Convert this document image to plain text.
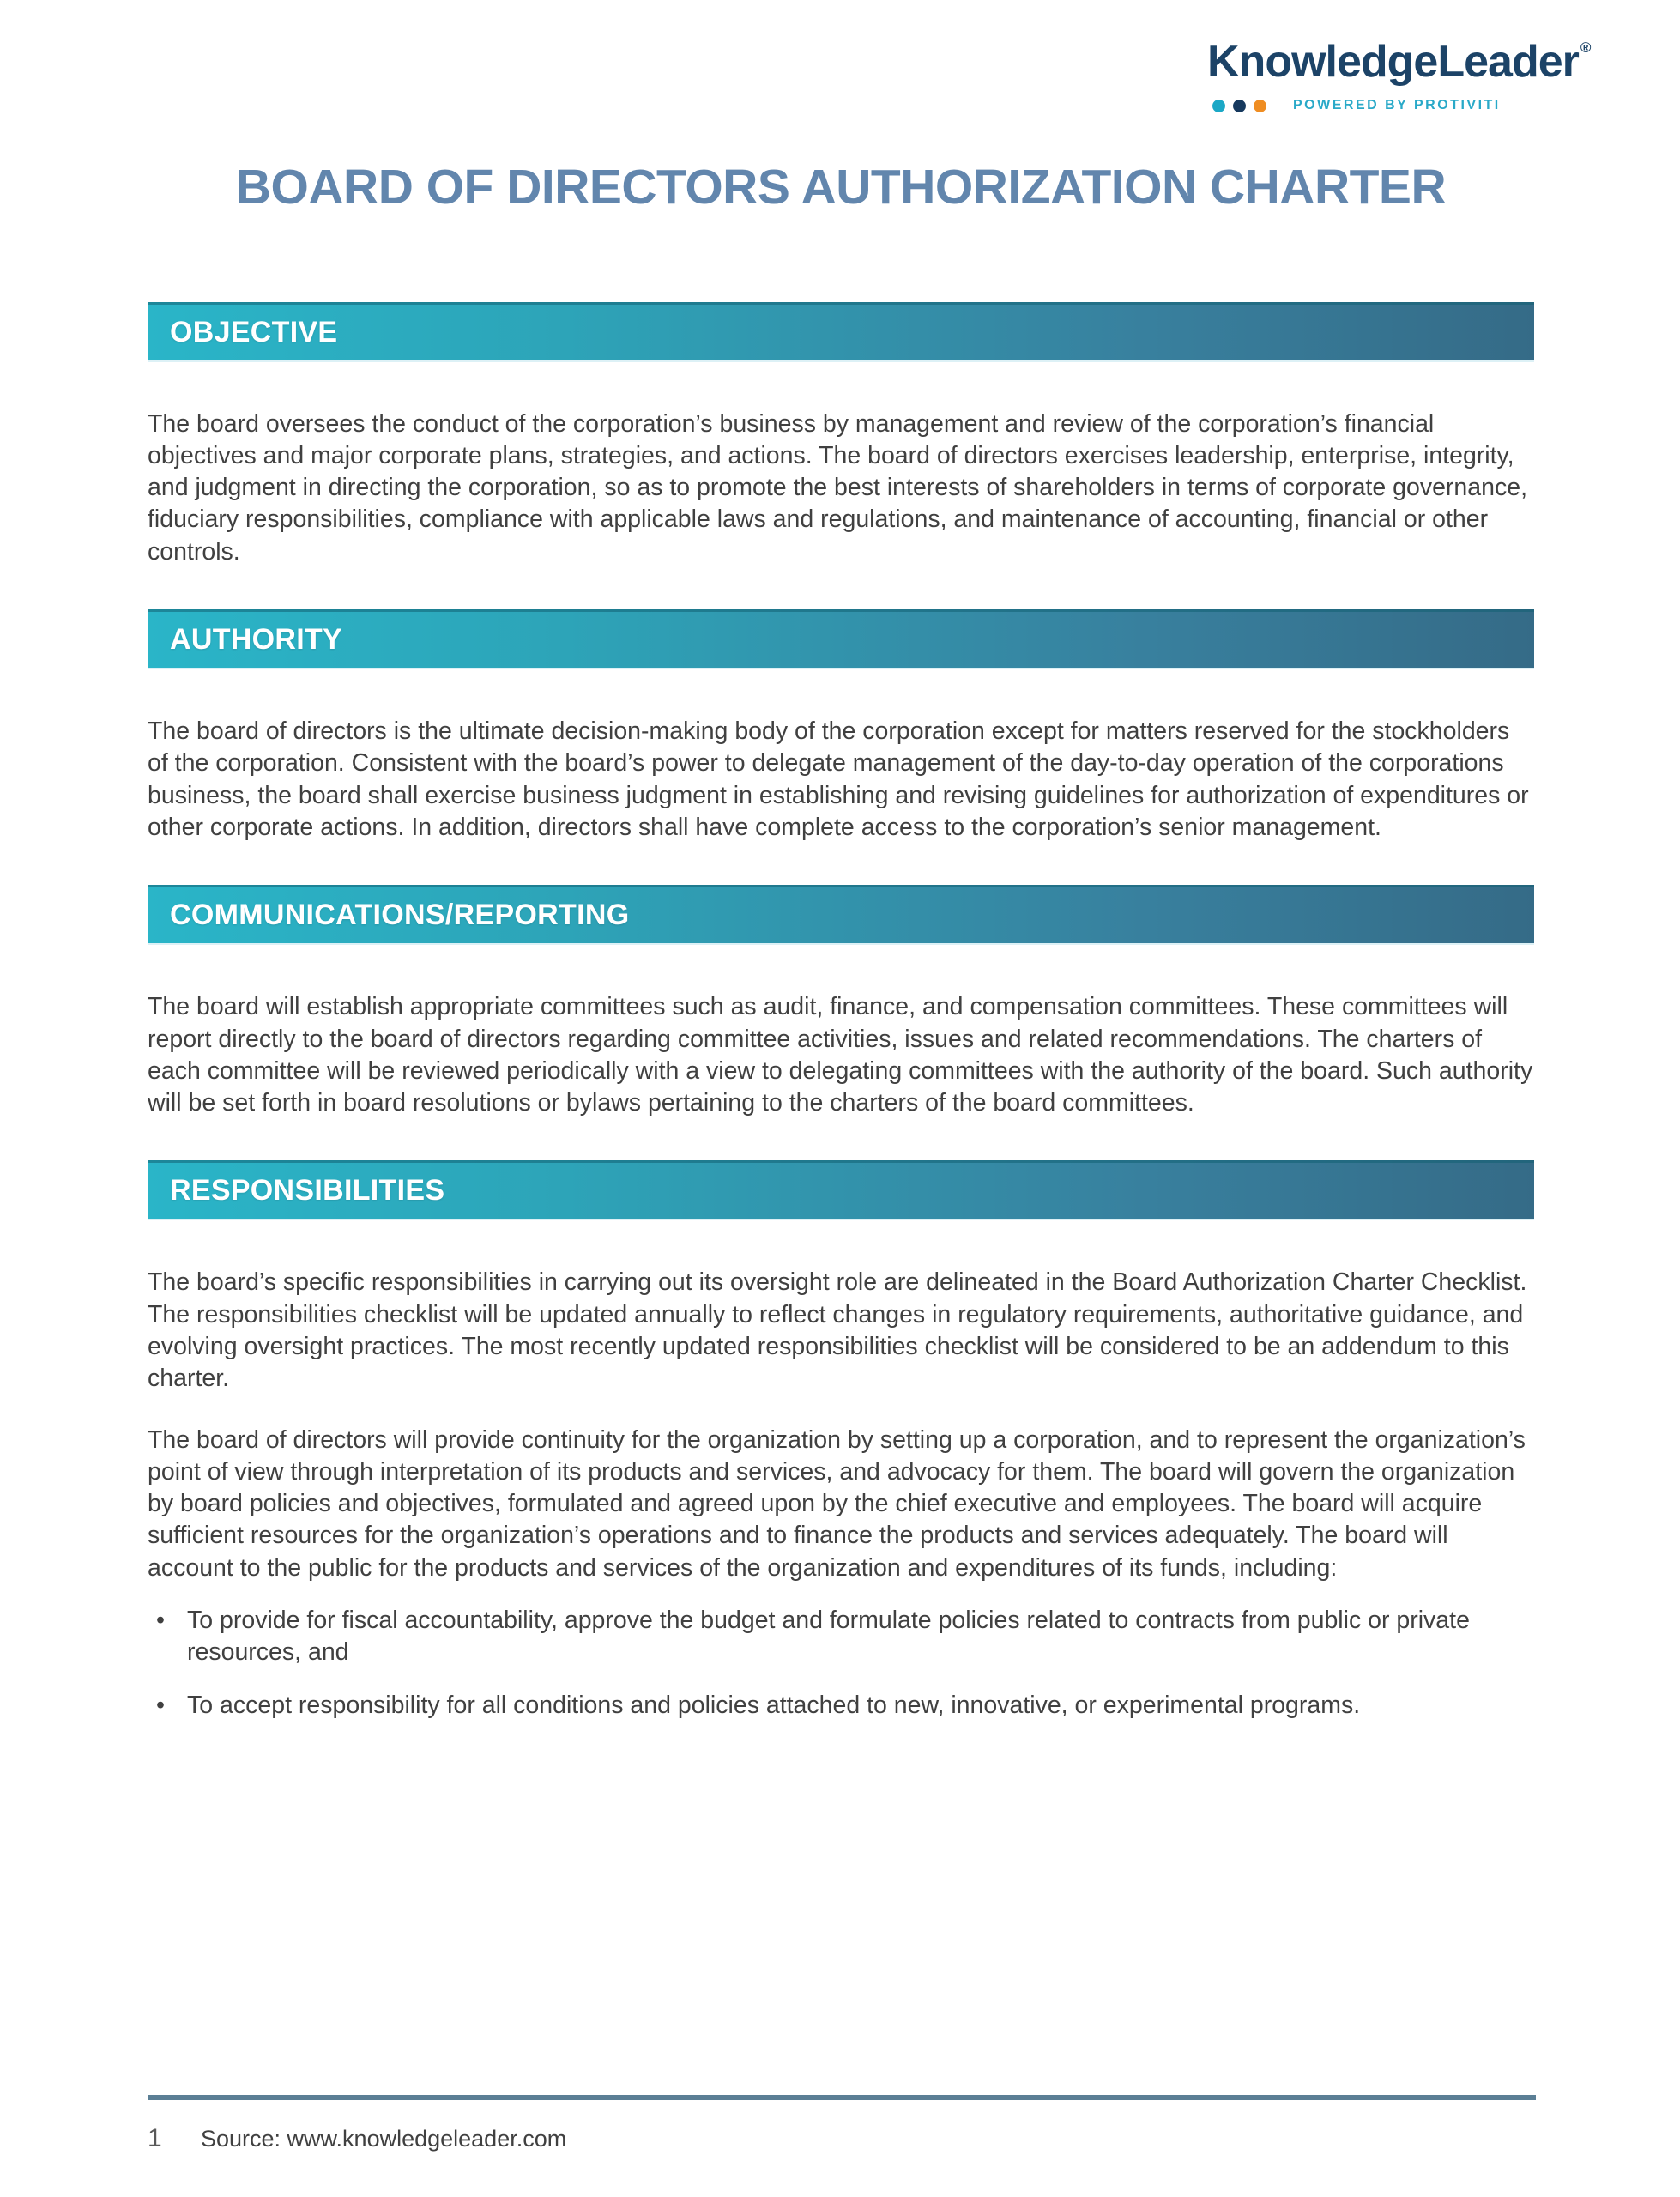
KnowledgeLeader ®
POWERED BY PROTIVITI
BOARD OF DIRECTORS AUTHORIZATION CHARTER
OBJECTIVE

The board oversees the conduct of the corporation’s business by management and review of the corporation’s financial objectives and major corporate plans, strategies, and actions. The board of directors exercises leadership, enterprise, integrity, and judgment in directing the corporation, so as to promote the best interests of shareholders in terms of corporate governance, fiduciary responsibilities, compliance with applicable laws and regulations, and maintenance of accounting, financial or other controls.

AUTHORITY

The board of directors is the ultimate decision-making body of the corporation except for matters reserved for the stockholders of the corporation. Consistent with the board’s power to delegate management of the day-to-day operation of the corporations business, the board shall exercise business judgment in establishing and revising guidelines for authorization of expenditures or other corporate actions. In addition, directors shall have complete access to the corporation’s senior management.

COMMUNICATIONS/REPORTING

The board will establish appropriate committees such as audit, finance, and compensation committees. These committees will report directly to the board of directors regarding committee activities, issues and related recommendations. The charters of each committee will be reviewed periodically with a view to delegating committees with the authority of the board. Such authority will be set forth in board resolutions or bylaws pertaining to the charters of the board committees.

RESPONSIBILITIES

The board’s specific responsibilities in carrying out its oversight role are delineated in the Board Authorization Charter Checklist. The responsibilities checklist will be updated annually to reflect changes in regulatory requirements, authoritative guidance, and evolving oversight practices. The most recently updated responsibilities checklist will be considered to be an addendum to this charter.

The board of directors will provide continuity for the organization by setting up a corporation, and to represent the organization’s point of view through interpretation of its products and services, and advocacy for them. The board will govern the organization by board policies and objectives, formulated and agreed upon by the chief executive and employees. The board will acquire sufficient resources for the organization’s operations and to finance the products and services adequately. The board will account to the public for the products and services of the organization and expenditures of its funds, including:

• To provide for fiscal accountability, approve the budget and formulate policies related to contracts from public or private resources, and
• To accept responsibility for all conditions and policies attached to new, innovative, or experimental programs.
1	Source: www.knowledgeleader.com
